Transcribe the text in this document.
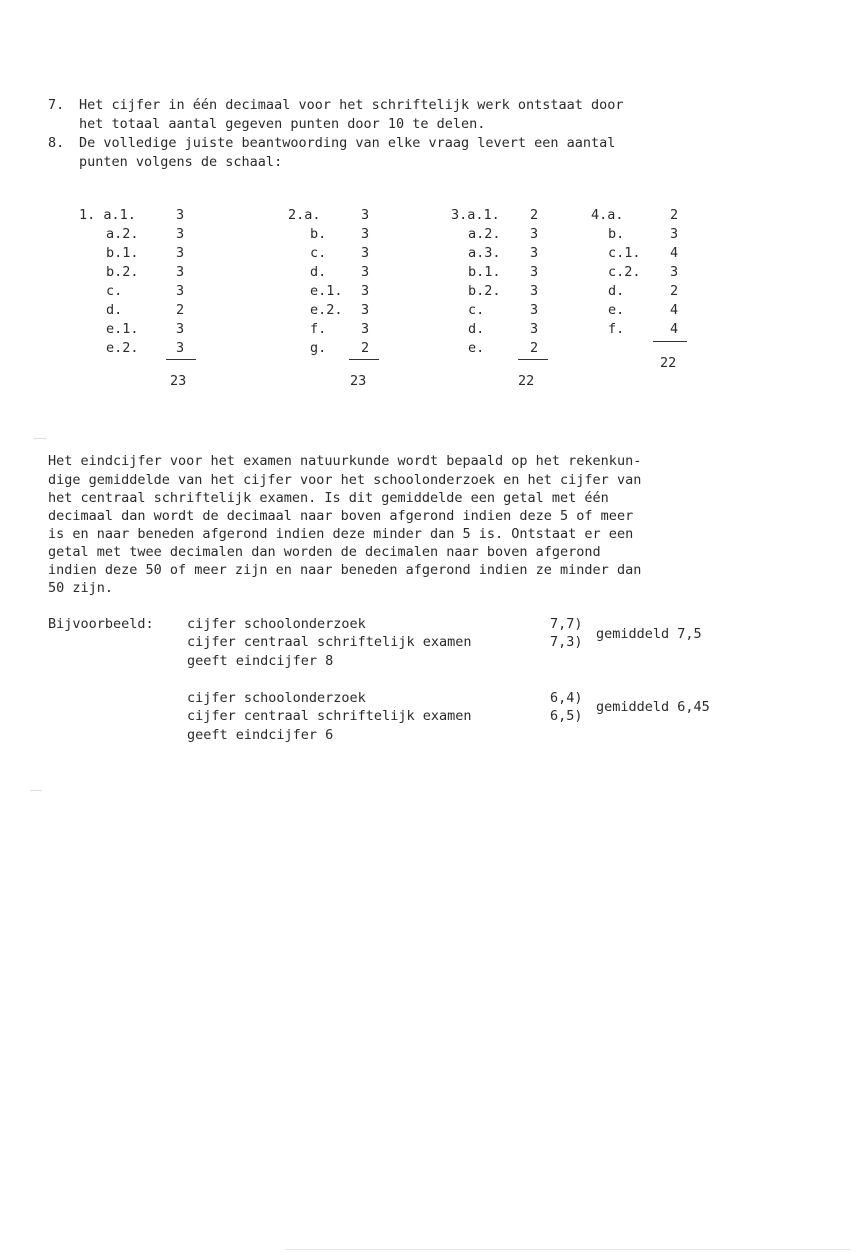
7. Het cijfer in één decimaal voor het schriftelijk werk ontstaat door
het totaal aantal gegeven punten door 10 te delen.
8. De volledige juiste beantwoording van elke vraag levert een aantal
punten volgens de schaal:
1. a.1.	3
a.2.	3
b.1.	3
b.2.	3
c.	3
d.	2
e.1.	3
e.2.	3
23
2.a.	3
b.	3
c.	3
d.	3
e.1. 3
e.2. 3
f.	3
g.	2
23
3.a.1. 2
a.2. 3
a.3. 3
b.1. 3
b.2. 3
c.	3
d.	3
e.	2
22
4.a.	2
b.	3
c.1. 4
c.2. 3
d.	2
e.	4
f.	4
22
Het eindcijfer voor het examen natuurkunde wordt bepaald op het rekenkun-
dige gemiddelde van het cijfer voor het schoolonderzoek en het cijfer van
het centraal schriftelijk examen. Is dit gemiddelde een getal met één
decimaal dan wordt de decimaal naar boven afgerond indien deze 5 of meer
is en naar beneden afgerond indien deze minder dan 5 is. Ontstaat er een
getal met twee decimalen dan worden de decimalen naar boven afgerond
indien deze 50 of meer zijn en naar beneden afgerond indien ze minder dan
50 zijn.
Bijvoorbeeld: cijfer schoolonderzoek	7,7)
cijfer centraal schriftelijk examen	7,3)
geeft eindcijfer 8
gemiddeld 7,5
cijfer schoolonderzoek	6,4)
cijfer centraal schriftelijk examen	6,5)
geeft eindcijfer 6
gemiddeld 6,45
